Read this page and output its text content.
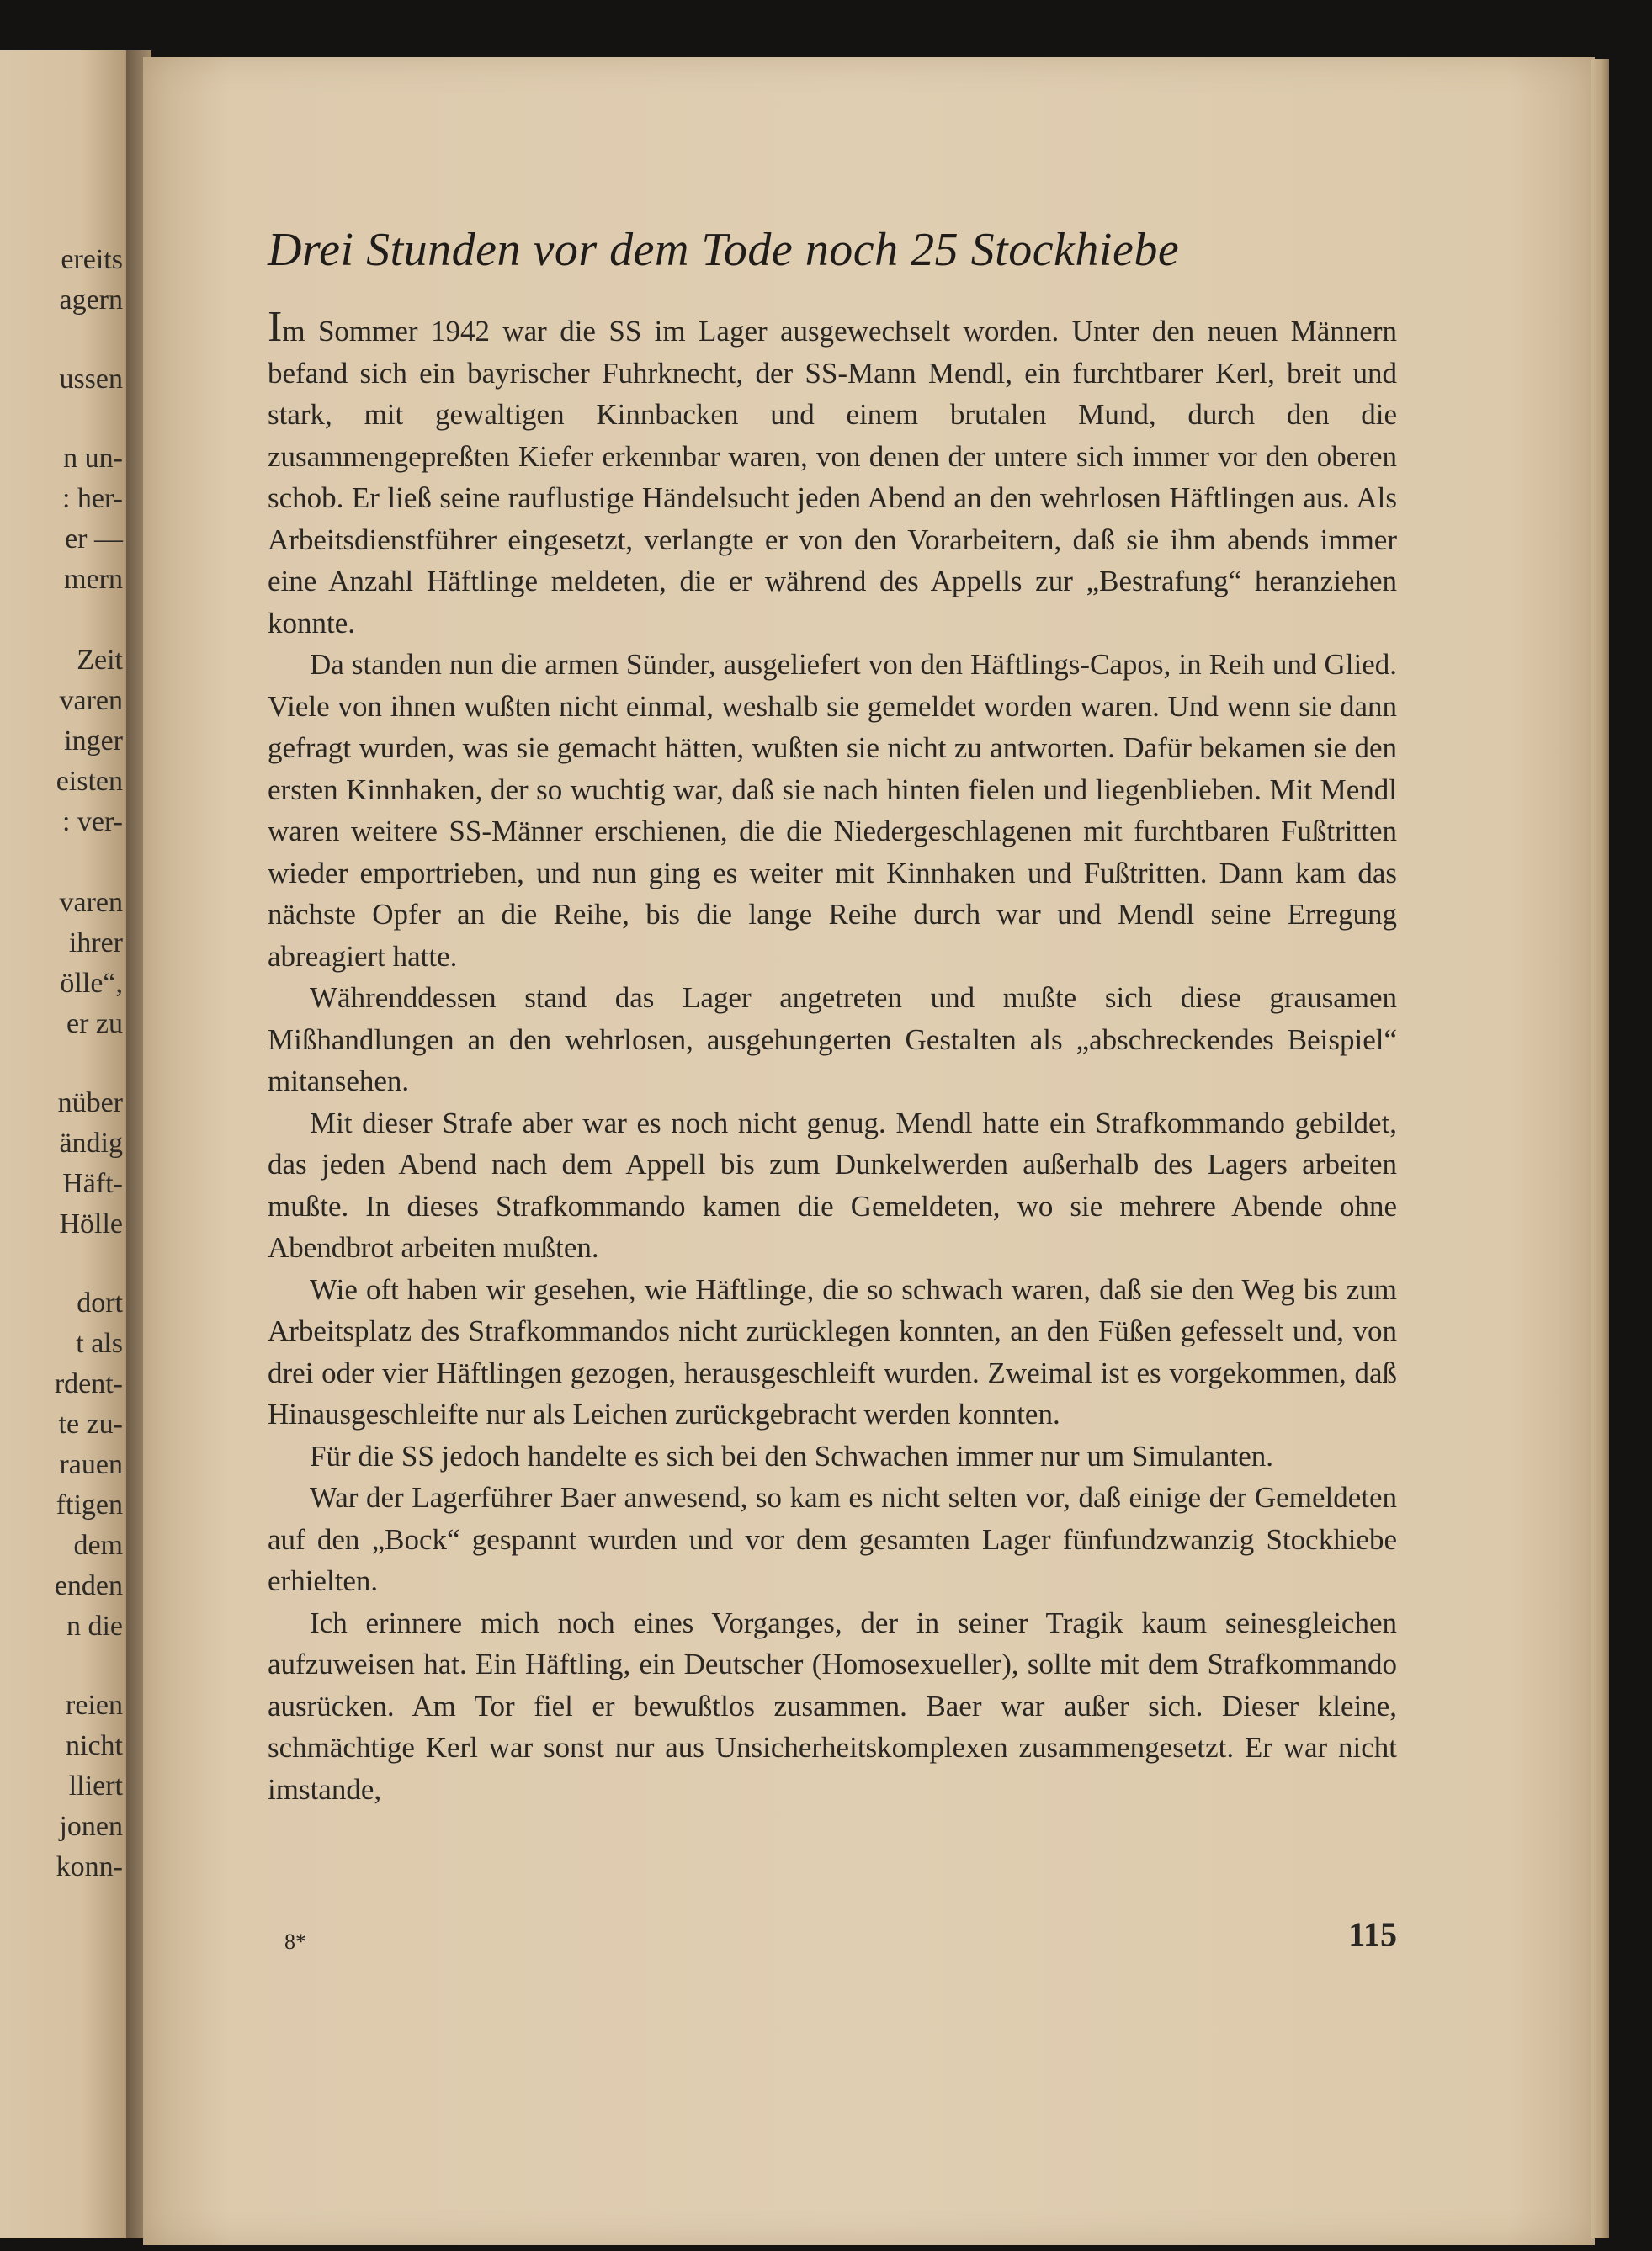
ereits
agern
ussen
n un-
: her-
er —
mern
Zeit
varen
inger
eisten
: ver-
varen
ihrer
ölle“,
er zu
nüber
ändig
Häft-
Hölle
dort
t als
rdent-
te zu-
rauen
ftigen
dem
enden
n die
reien
nicht
lliert
jonen
konn-
Drei Stunden vor dem Tode noch 25 Stockhiebe

Im Sommer 1942 war die SS im Lager ausgewechselt worden. Unter den neuen Männern befand sich ein bayrischer Fuhrknecht, der SS-Mann Mendl, ein furchtbarer Kerl, breit und stark, mit gewaltigen Kinnbacken und einem brutalen Mund, durch den die zusammengepreßten Kiefer erkennbar waren, von denen der untere sich immer vor den oberen schob. Er ließ seine rauflustige Händelsucht jeden Abend an den wehrlosen Häftlingen aus. Als Arbeitsdienstführer eingesetzt, verlangte er von den Vorarbeitern, daß sie ihm abends immer eine Anzahl Häftlinge meldeten, die er während des Appells zur „Bestrafung“ heranziehen konnte.

Da standen nun die armen Sünder, ausgeliefert von den Häftlings-Capos, in Reih und Glied. Viele von ihnen wußten nicht einmal, weshalb sie gemeldet worden waren. Und wenn sie dann gefragt wurden, was sie gemacht hätten, wußten sie nicht zu antworten. Dafür bekamen sie den ersten Kinnhaken, der so wuchtig war, daß sie nach hinten fielen und liegenblieben. Mit Mendl waren weitere SS-Männer erschienen, die die Niedergeschlagenen mit furchtbaren Fußtritten wieder emportrieben, und nun ging es weiter mit Kinnhaken und Fußtritten. Dann kam das nächste Opfer an die Reihe, bis die lange Reihe durch war und Mendl seine Erregung abreagiert hatte.

Währenddessen stand das Lager angetreten und mußte sich diese grausamen Mißhandlungen an den wehrlosen, ausgehungerten Gestalten als „abschreckendes Beispiel“ mitansehen.

Mit dieser Strafe aber war es noch nicht genug. Mendl hatte ein Strafkommando gebildet, das jeden Abend nach dem Appell bis zum Dunkelwerden außerhalb des Lagers arbeiten mußte. In dieses Strafkommando kamen die Gemeldeten, wo sie mehrere Abende ohne Abendbrot arbeiten mußten.

Wie oft haben wir gesehen, wie Häftlinge, die so schwach waren, daß sie den Weg bis zum Arbeitsplatz des Strafkommandos nicht zurücklegen konnten, an den Füßen gefesselt und, von drei oder vier Häftlingen gezogen, herausgeschleift wurden. Zweimal ist es vorgekommen, daß Hinausgeschleifte nur als Leichen zurückgebracht werden konnten.

Für die SS jedoch handelte es sich bei den Schwachen immer nur um Simulanten.

War der Lagerführer Baer anwesend, so kam es nicht selten vor, daß einige der Gemeldeten auf den „Bock“ gespannt wurden und vor dem gesamten Lager fünfundzwanzig Stockhiebe erhielten.

Ich erinnere mich noch eines Vorganges, der in seiner Tragik kaum seinesgleichen aufzuweisen hat. Ein Häftling, ein Deutscher (Homosexueller), sollte mit dem Strafkommando ausrücken. Am Tor fiel er bewußtlos zusammen. Baer war außer sich. Dieser kleine, schmächtige Kerl war sonst nur aus Unsicherheitskomplexen zusammengesetzt. Er war nicht imstande,

8*	115
